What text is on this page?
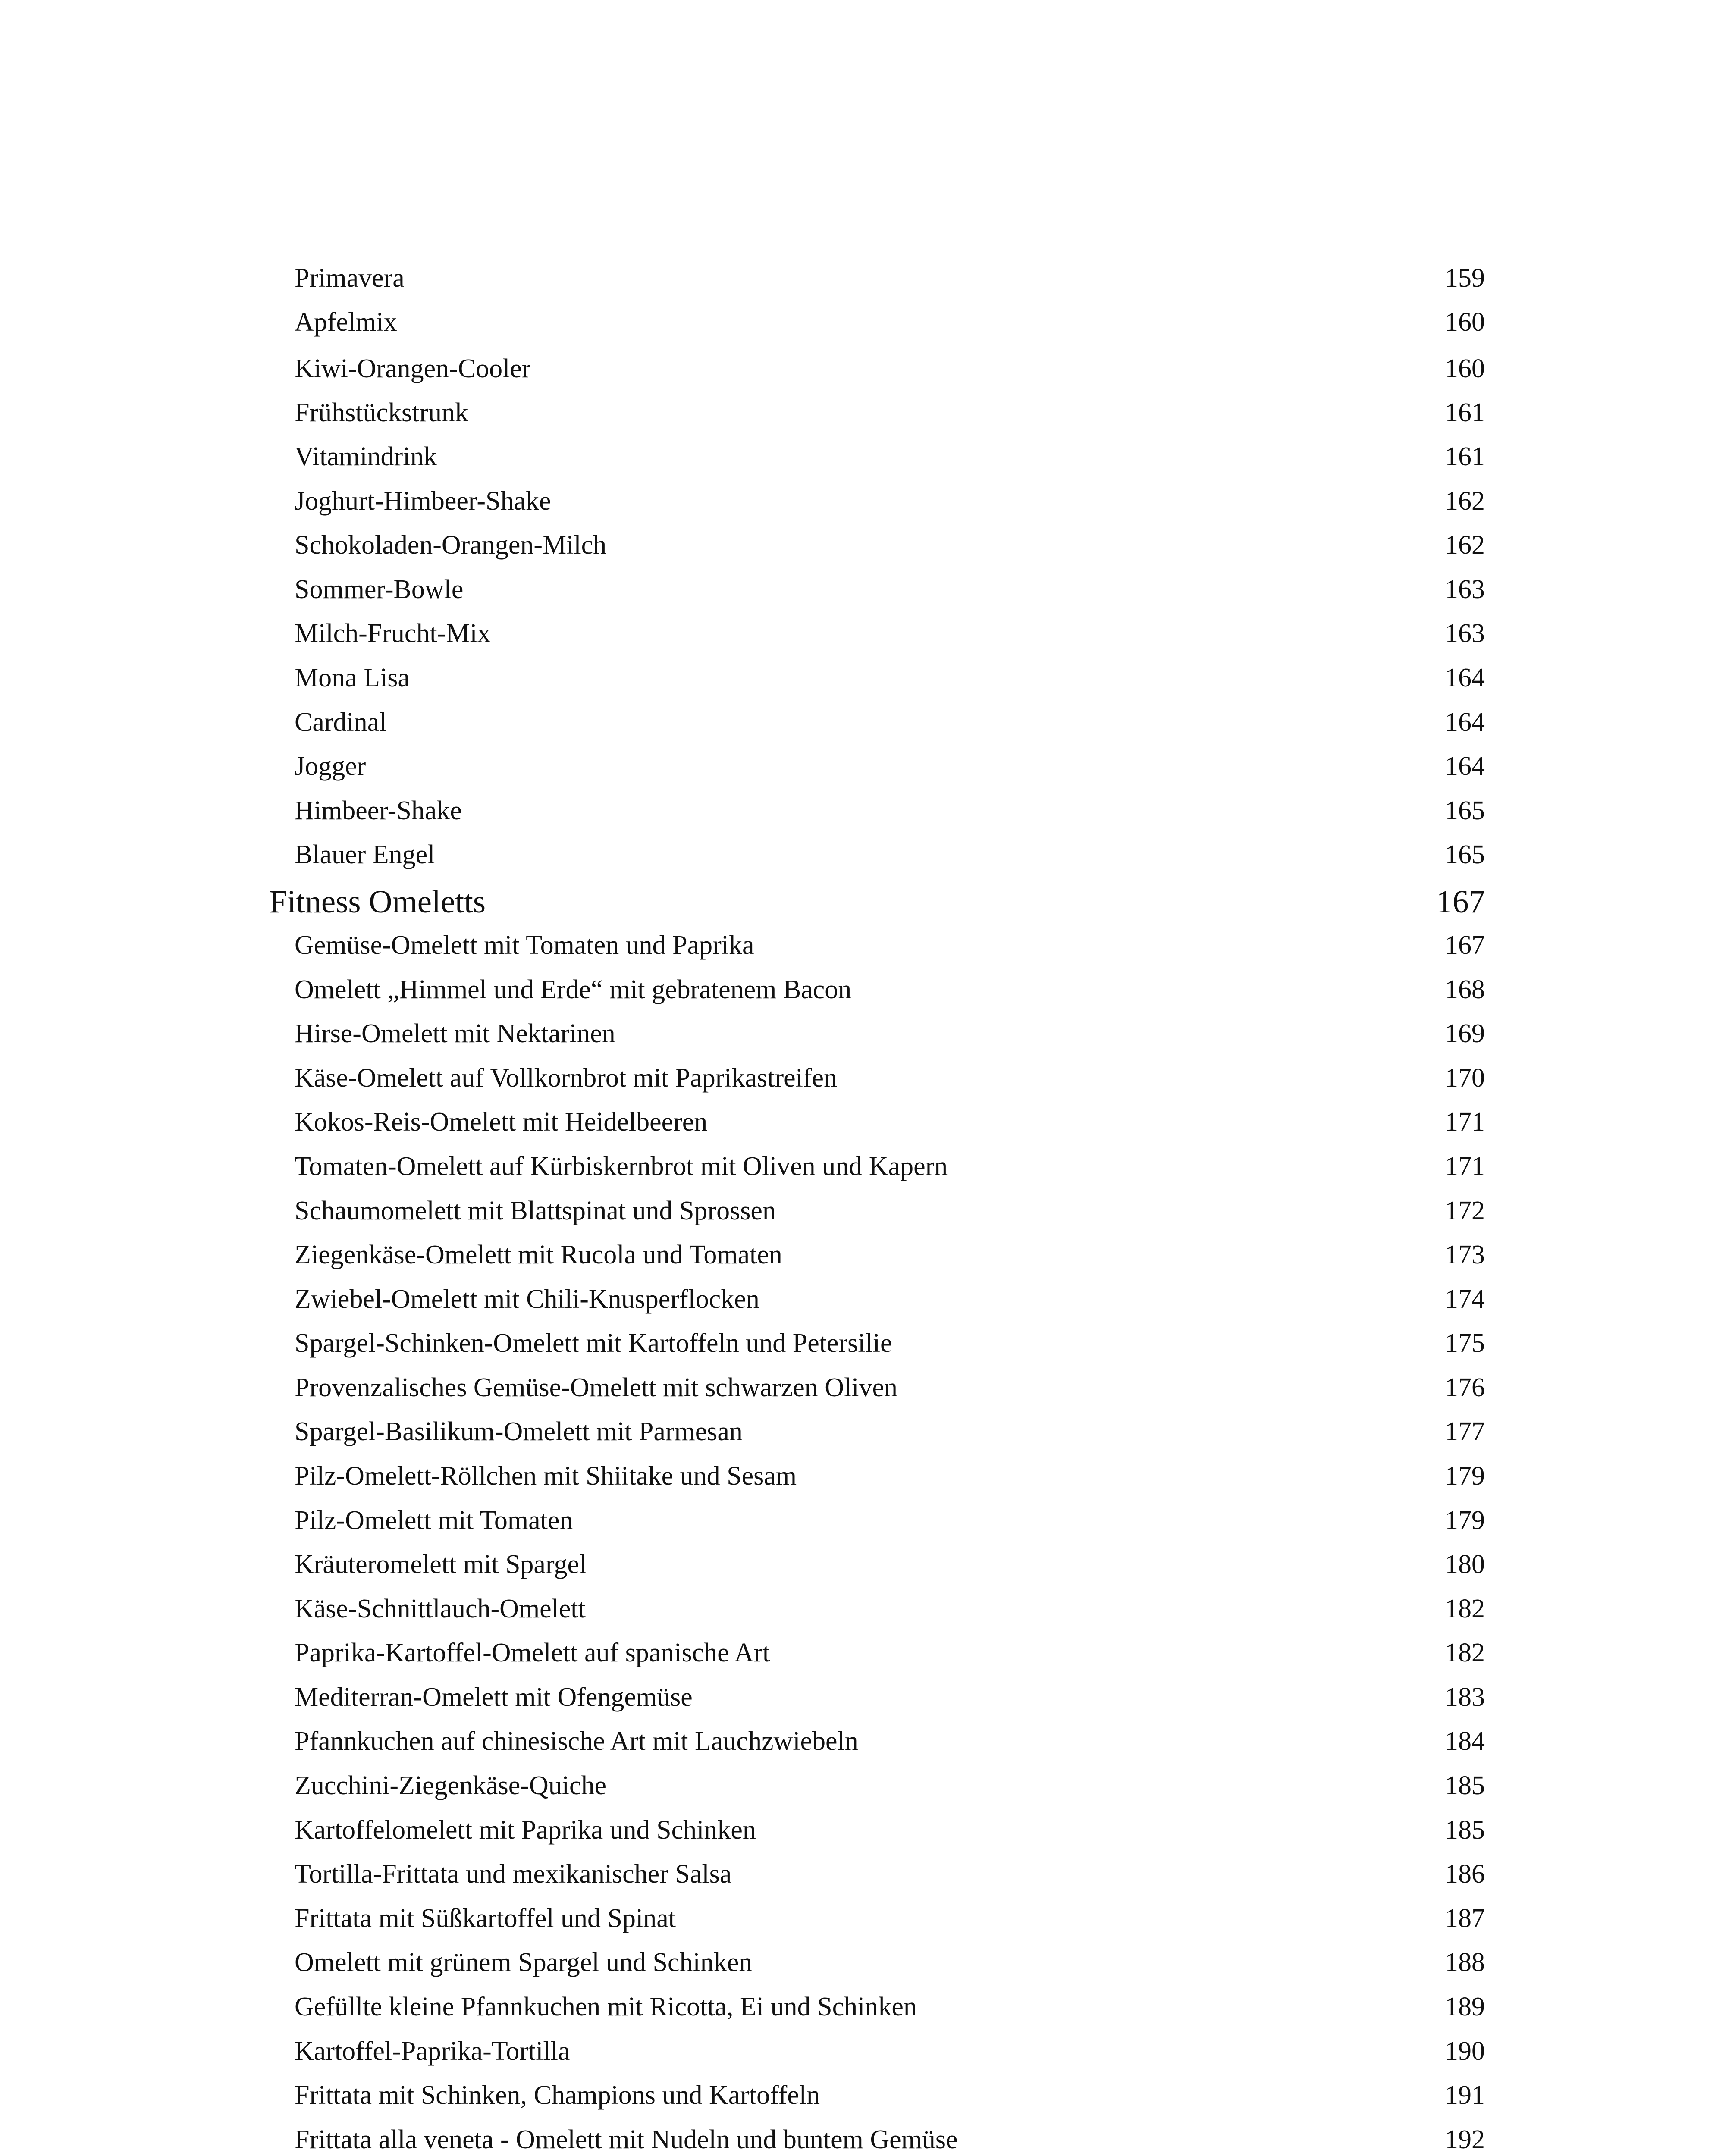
Primavera	159
Apfelmix	160
Kiwi-Orangen-Cooler	160
Frühstückstrunk	161
Vitamindrink	161
Joghurt-Himbeer-Shake	162
Schokoladen-Orangen-Milch	162
Sommer-Bowle	163
Milch-Frucht-Mix	163
Mona Lisa	164
Cardinal	164
Jogger	164
Himbeer-Shake	165
Blauer Engel	165
Fitness Omeletts	167
Gemüse-Omelett mit Tomaten und Paprika	167
Omelett „Himmel und Erde“ mit gebratenem Bacon	168
Hirse-Omelett mit Nektarinen	169
Käse-Omelett auf Vollkornbrot mit Paprikastreifen	170
Kokos-Reis-Omelett mit Heidelbeeren	171
Tomaten-Omelett auf Kürbiskernbrot mit Oliven und Kapern	171
Schaumomelett mit Blattspinat und Sprossen	172
Ziegenkäse-Omelett mit Rucola und Tomaten	173
Zwiebel-Omelett mit Chili-Knusperflocken	174
Spargel-Schinken-Omelett mit Kartoffeln und Petersilie	175
Provenzalisches Gemüse-Omelett mit schwarzen Oliven	176
Spargel-Basilikum-Omelett mit Parmesan	177
Pilz-Omelett-Röllchen mit Shiitake und Sesam	179
Pilz-Omelett mit Tomaten	179
Kräuteromelett mit Spargel	180
Käse-Schnittlauch-Omelett	182
Paprika-Kartoffel-Omelett auf spanische Art	182
Mediterran-Omelett mit Ofengemüse	183
Pfannkuchen auf chinesische Art mit Lauchzwiebeln	184
Zucchini-Ziegenkäse-Quiche	185
Kartoffelomelett mit Paprika und Schinken	185
Tortilla-Frittata und mexikanischer Salsa	186
Frittata mit Süßkartoffel und Spinat	187
Omelett mit grünem Spargel und Schinken	188
Gefüllte kleine Pfannkuchen mit Ricotta, Ei und Schinken	189
Kartoffel-Paprika-Tortilla	190
Frittata mit Schinken, Champions und Kartoffeln	191
Frittata alla veneta - Omelett mit Nudeln und buntem Gemüse	192
